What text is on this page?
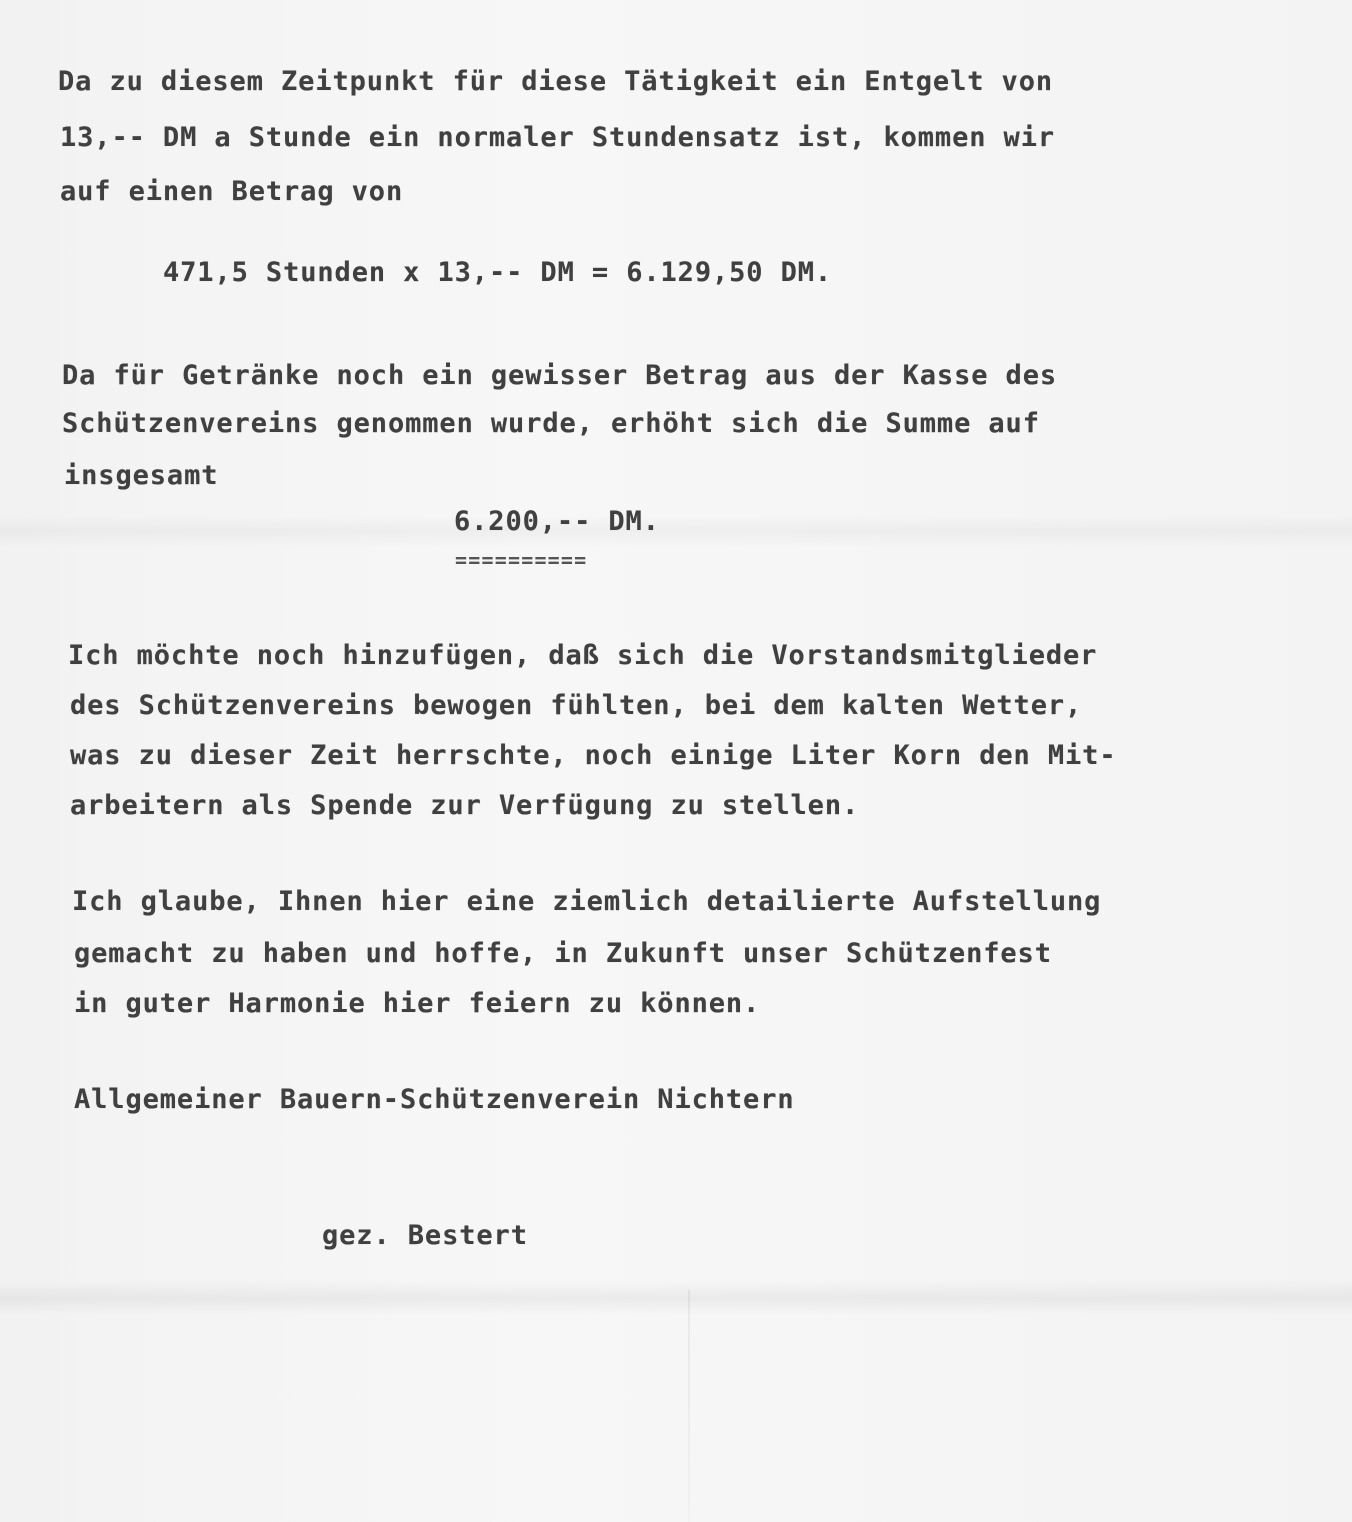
Da zu diesem Zeitpunkt für diese Tätigkeit ein Entgelt von
13,-- DM a Stunde ein normaler Stundensatz ist, kommen wir
auf einen Betrag von
471,5 Stunden x 13,-- DM = 6.129,50 DM.
Da für Getränke noch ein gewisser Betrag aus der Kasse des
Schützenvereins genommen wurde, erhöht sich die Summe auf
insgesamt
6.200,-- DM.
==========
Ich möchte noch hinzufügen, daß sich die Vorstandsmitglieder
des Schützenvereins bewogen fühlten, bei dem kalten Wetter,
was zu dieser Zeit herrschte, noch einige Liter Korn den Mit-
arbeitern als Spende zur Verfügung zu stellen.
Ich glaube, Ihnen hier eine ziemlich detailierte Aufstellung
gemacht zu haben und hoffe, in Zukunft unser Schützenfest
in guter Harmonie hier feiern zu können.
Allgemeiner Bauern-Schützenverein Nichtern
gez. Bestert
